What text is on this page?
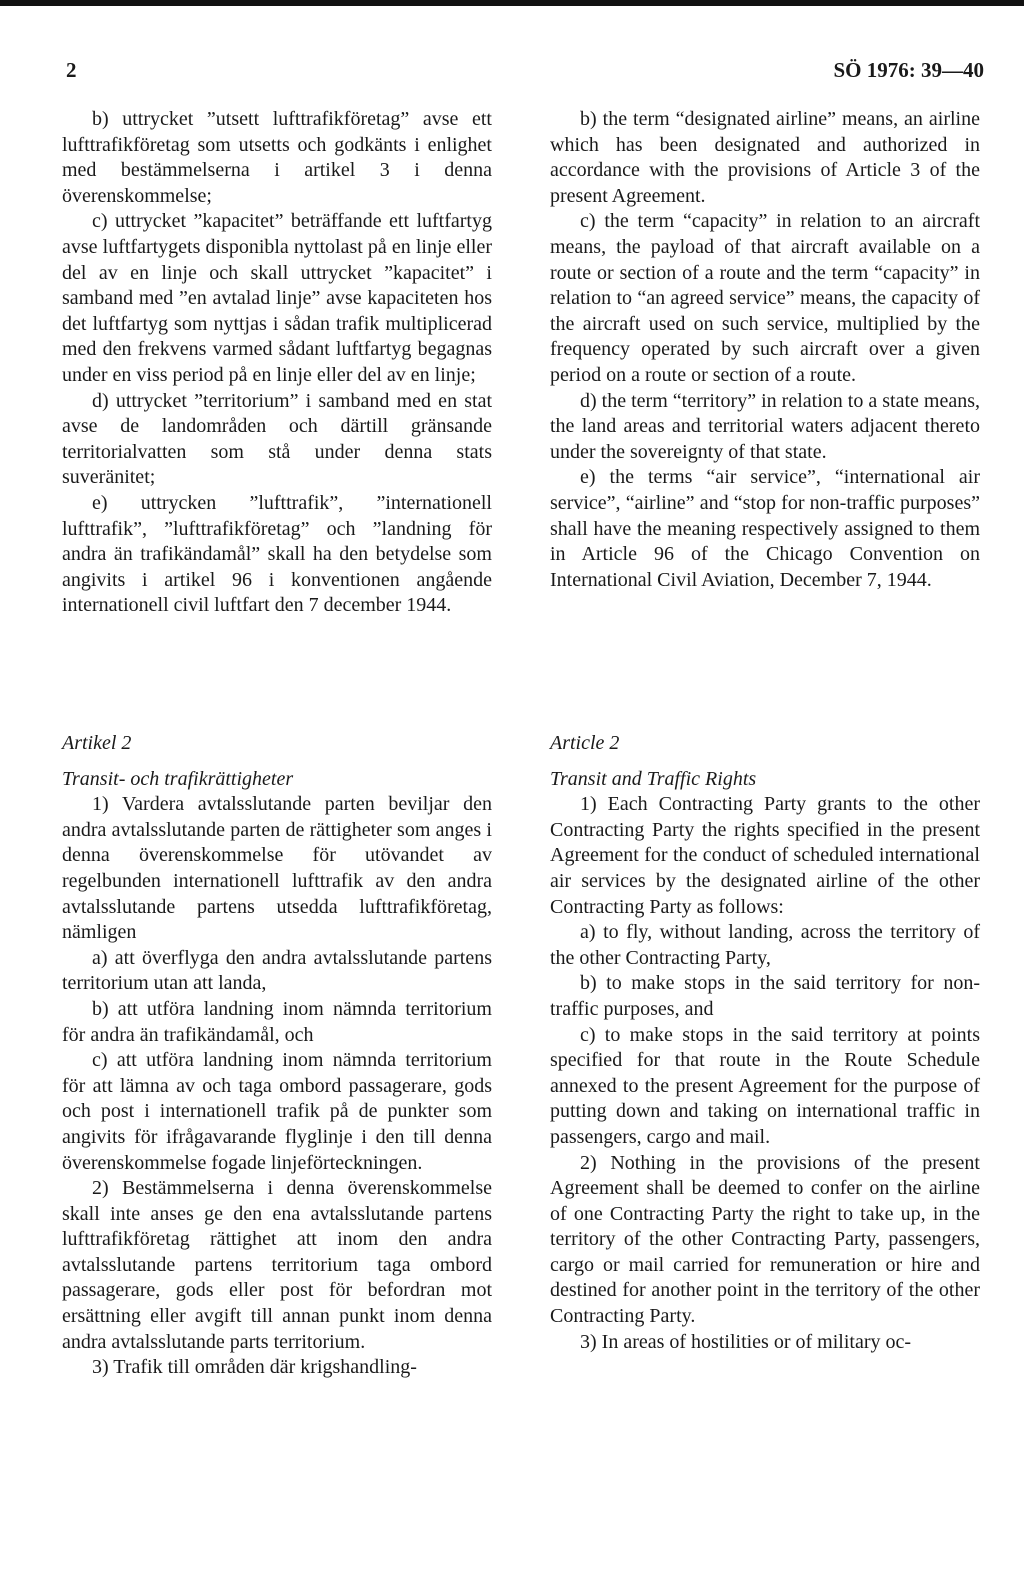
2	SÖ 1976: 39—40

b) uttrycket ”utsett lufttrafikföretag” avse ett lufttrafikföretag som utsetts och godkänts i enlighet med bestämmelserna i artikel 3 i denna överenskommelse;

c) uttrycket ”kapacitet” beträffande ett luftfartyg avse luftfartygets disponibla nyttolast på en linje eller del av en linje och skall uttrycket ”kapacitet” i samband med ”en avtalad linje” avse kapaciteten hos det luftfartyg som nyttjas i sådan trafik multiplicerad med den frekvens varmed sådant luftfartyg begagnas under en viss period på en linje eller del av en linje;

d) uttrycket ”territorium” i samband med en stat avse de landområden och därtill gränsande territorialvatten som stå under denna stats suveränitet;

e) uttrycken ”lufttrafik”, ”internationell lufttrafik”, ”lufttrafikföretag” och ”landning för andra än trafikändamål” skall ha den betydelse som angivits i artikel 96 i konventionen angående internationell civil luftfart den 7 december 1944.

b) the term “designated airline” means, an airline which has been designated and authorized in accordance with the provisions of Article 3 of the present Agreement.

c) the term “capacity” in relation to an aircraft means, the payload of that aircraft available on a route or section of a route and the term “capacity” in relation to “an agreed service” means, the capacity of the aircraft used on such service, multiplied by the frequency operated by such aircraft over a given period on a route or section of a route.

d) the term “territory” in relation to a state means, the land areas and territorial waters adjacent thereto under the sovereignty of that state.

e) the terms “air service”, “international air service”, “airline” and “stop for non-traffic purposes” shall have the meaning respectively assigned to them in Article 96 of the Chicago Convention on International Civil Aviation, December 7, 1944.

Artikel 2

Transit- och trafikrättigheter

1) Vardera avtalsslutande parten beviljar den andra avtalsslutande parten de rättigheter som anges i denna överenskommelse för utövandet av regelbunden internationell lufttrafik av den andra avtalsslutande partens utsedda lufttrafikföretag, nämligen

a) att överflyga den andra avtalsslutande partens territorium utan att landa,

b) att utföra landning inom nämnda territorium för andra än trafikändamål, och

c) att utföra landning inom nämnda territorium för att lämna av och taga ombord passagerare, gods och post i internationell trafik på de punkter som angivits för ifrågavarande flyglinje i den till denna överenskommelse fogade linjeförteckningen.

2) Bestämmelserna i denna överenskommelse skall inte anses ge den ena avtalsslutande partens lufttrafikföretag rättighet att inom den andra avtalsslutande partens territorium taga ombord passagerare, gods eller post för befordran mot ersättning eller avgift till annan punkt inom denna andra avtalsslutande parts territorium.

3) Trafik till områden där krigshandling-

Article 2

Transit and Traffic Rights

1) Each Contracting Party grants to the other Contracting Party the rights specified in the present Agreement for the conduct of scheduled international air services by the designated airline of the other Contracting Party as follows:

a) to fly, without landing, across the territory of the other Contracting Party,

b) to make stops in the said territory for non-traffic purposes, and

c) to make stops in the said territory at points specified for that route in the Route Schedule annexed to the present Agreement for the purpose of putting down and taking on international traffic in passengers, cargo and mail.

2) Nothing in the provisions of the present Agreement shall be deemed to confer on the airline of one Contracting Party the right to take up, in the territory of the other Contracting Party, passengers, cargo or mail carried for remuneration or hire and destined for another point in the territory of the other Contracting Party.

3) In areas of hostilities or of military oc-
